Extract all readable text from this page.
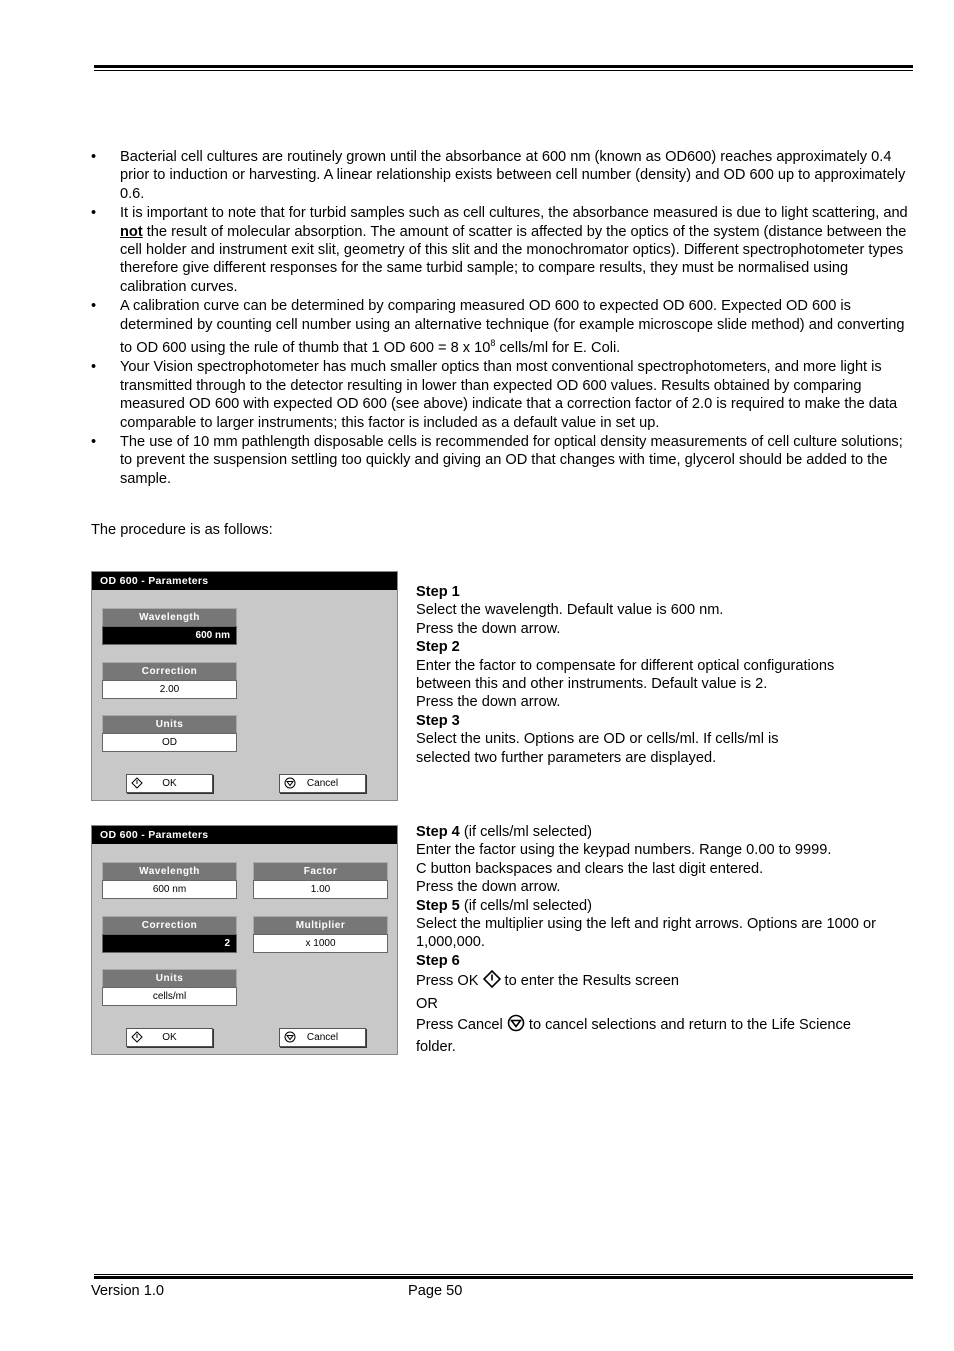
• Bacterial cell cultures are routinely grown until the absorbance at 600 nm (known as OD600) reaches approximately 0.4 prior to induction or harvesting. A linear relationship exists between cell number (density) and OD 600 up to approximately 0.6.
• It is important to note that for turbid samples such as cell cultures, the absorbance measured is due to light scattering, and not the result of molecular absorption. The amount of scatter is affected by the optics of the system (distance between the cell holder and instrument exit slit, geometry of this slit and the monochromator optics). Different spectrophotometer types therefore give different responses for the same turbid sample; to compare results, they must be normalised using calibration curves.
• A calibration curve can be determined by comparing measured OD 600 to expected OD 600. Expected OD 600 is determined by counting cell number using an alternative technique (for example microscope slide method) and converting to OD 600 using the rule of thumb that 1 OD 600 = 8 x $10^8$ cells/ml for E. Coli.
• Your Vision spectrophotometer has much smaller optics than most conventional spectrophotometers, and more light is transmitted through to the detector resulting in lower than expected OD 600 values. Results obtained by comparing measured OD 600 with expected OD 600 (see above) indicate that a correction factor of 2.0 is required to make the data comparable to larger instruments; this factor is included as a default value in set up.
• The use of 10 mm pathlength disposable cells is recommended for optical density measurements of cell culture solutions; to prevent the suspension settling too quickly and giving an OD that changes with time, glycerol should be added to the sample.
The procedure is as follows:
OD 600 - Parameters
Wavelength
600 nm
Correction
2.00
Units
OD
OK	Cancel

Step 1

Select the wavelength. Default value is 600 nm.

Press the down arrow.

Step 2

Enter the factor to compensate for different optical configurations between this and other instruments. Default value is 2.

Press the down arrow.

Step 3

Select the units. Options are OD or cells/ml. If cells/ml is selected two further parameters are displayed.

OD 600 - Parameters
Wavelength
600 nm
Factor
1.00
Correction
2
Multiplier
x 1000
Units
cells/ml
OK	Cancel

Step 4 (if cells/ml selected)

Enter the factor using the keypad numbers. Range 0.00 to 9999.

C button backspaces and clears the last digit entered.

Press the down arrow.

Step 5 (if cells/ml selected)

Select the multiplier using the left and right arrows. Options are 1000 or 1,000,000.

Step 6

Press OK  to enter the Results screen

OR

Press Cancel  to cancel selections and return to the Life Science folder.

Version 1.0	Page 50
